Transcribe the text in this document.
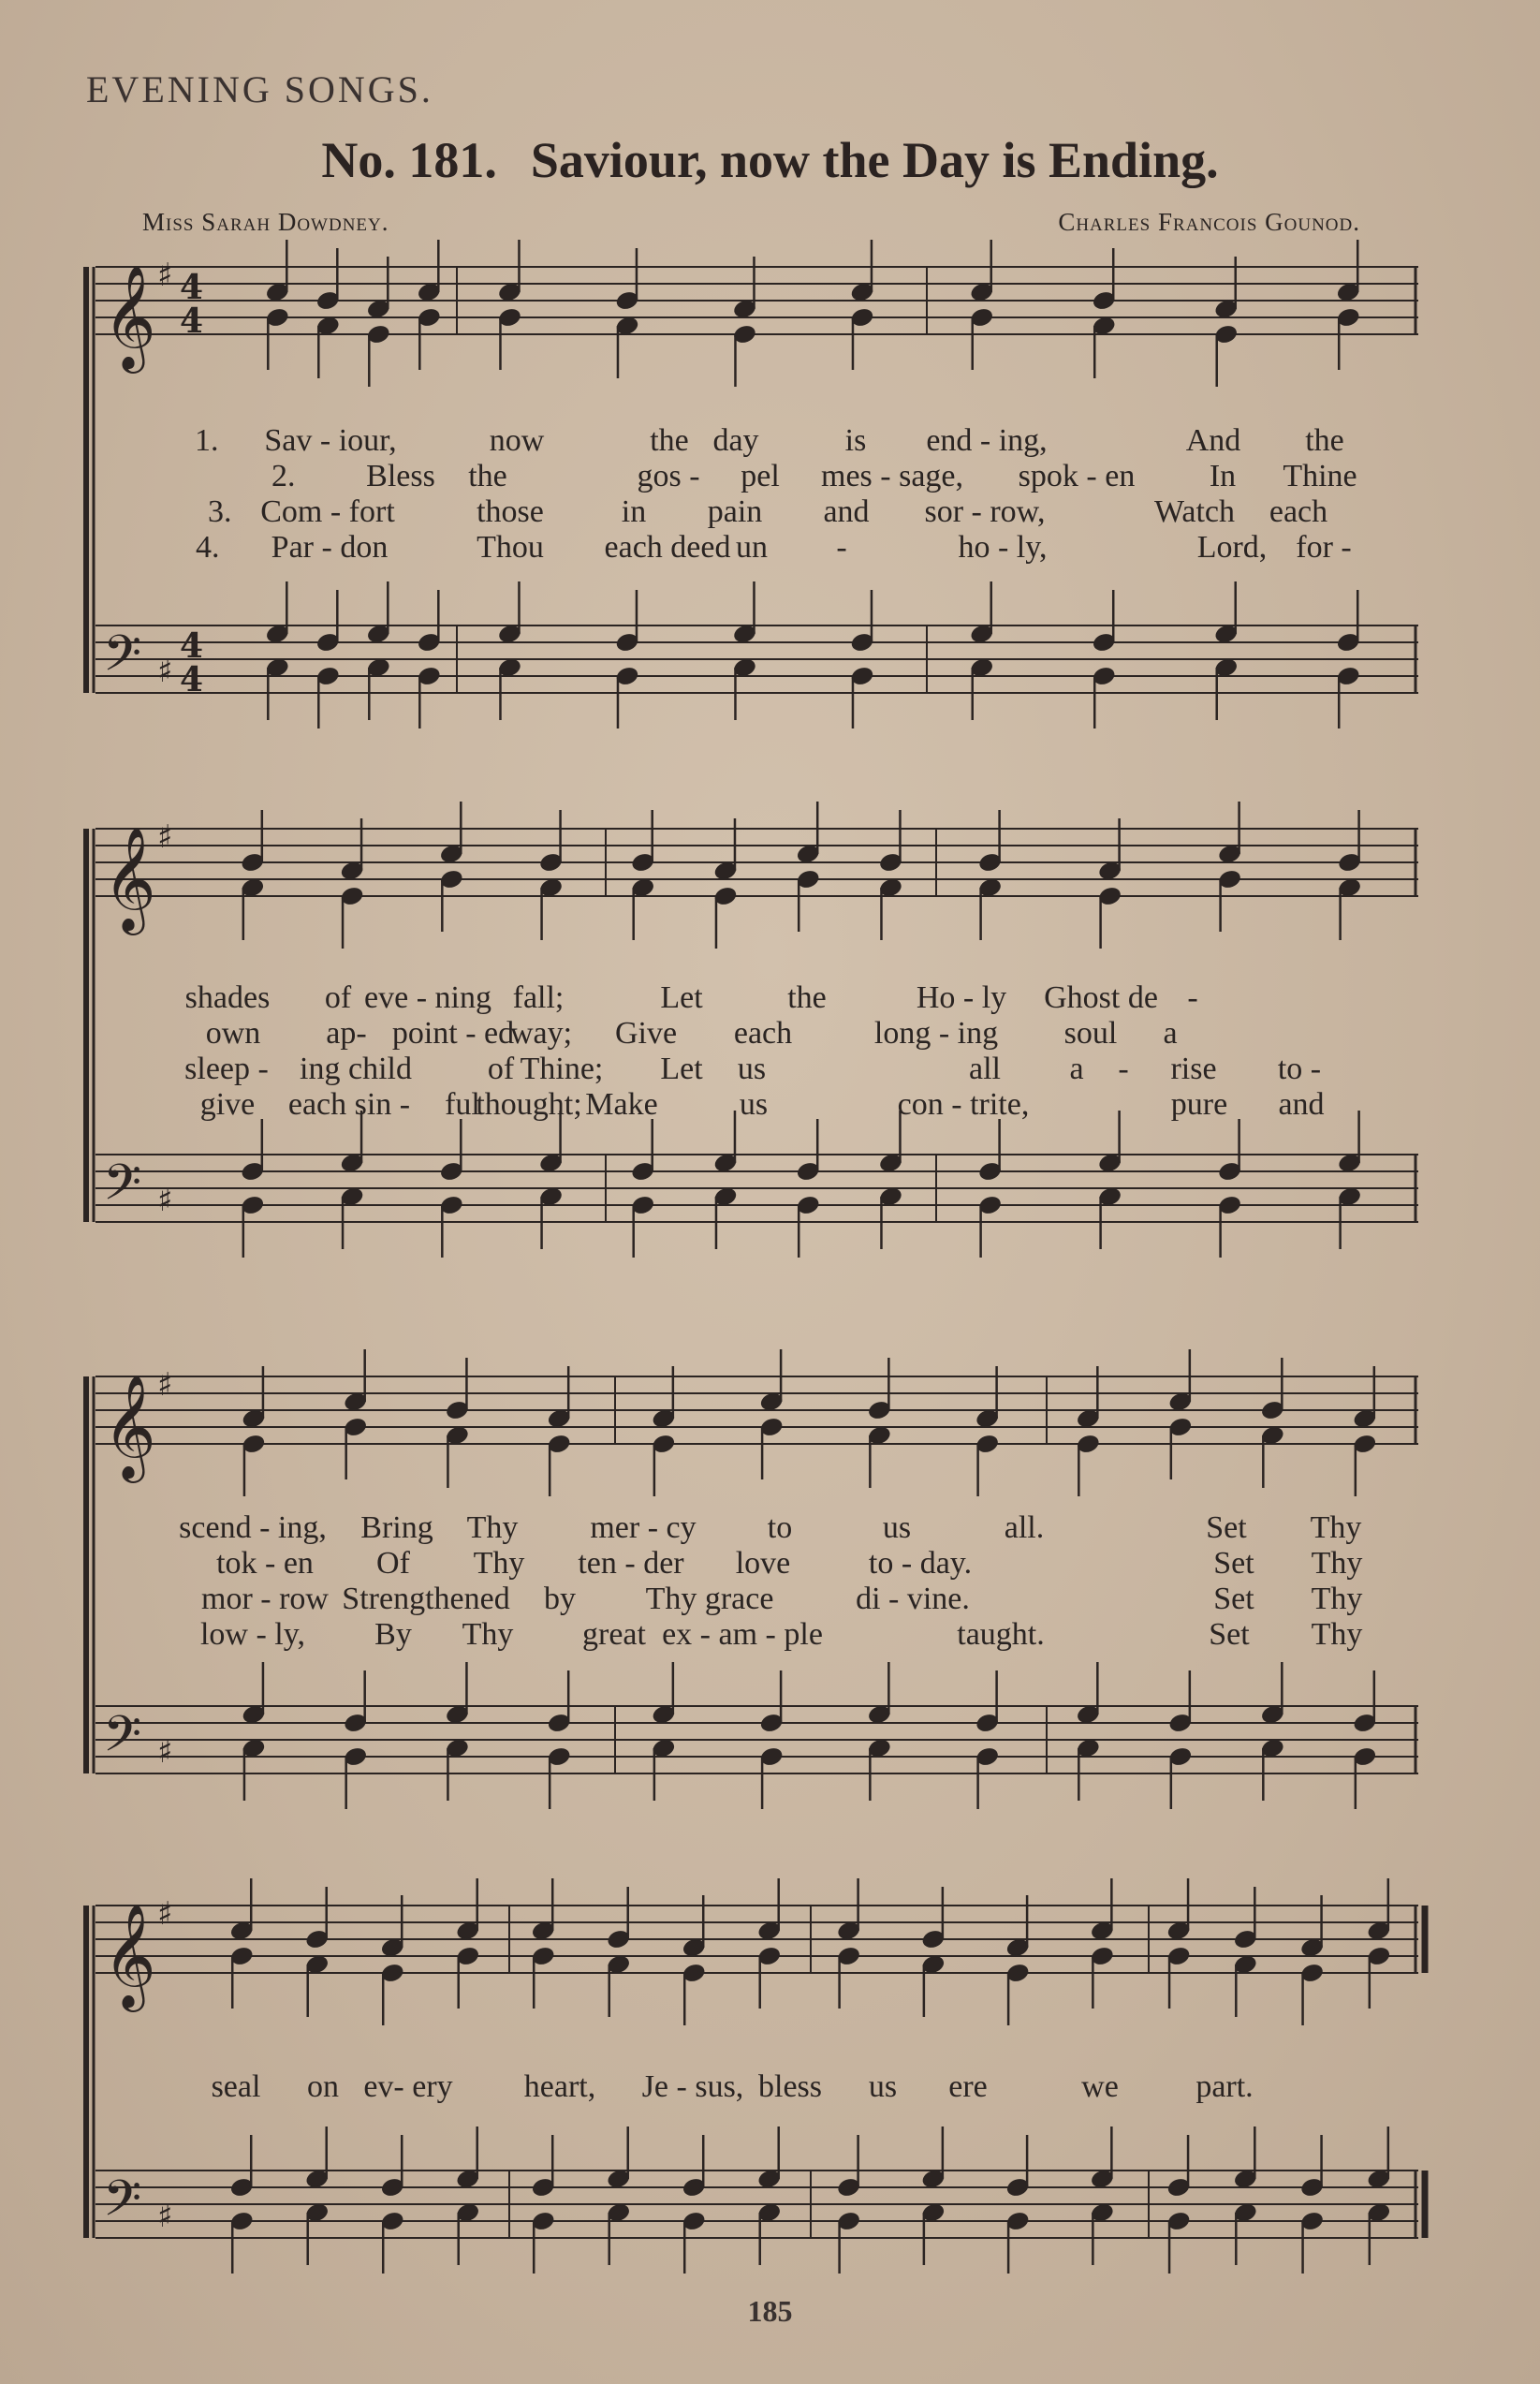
EVENING SONGS.
No. 181. Saviour, now the Day is Ending.
Miss Sarah Dowdney.	Charles Francois Gounod.
𝄞
𝄢
♯
♯
4
4
4
4
𝄞
𝄢
♯
♯
𝄞
𝄢
♯
♯
𝄞
𝄢
♯
♯
1. Sav - iour,	now	the day	is end - ing,	And the
2. Bless the	gos - pel mes - sage, spok - en In Thine
3. Com - fort	those in pain and sor - row,	Watch each
4. Par - don	Thou each deed un -	ho - ly,	Lord, for -
shades of eve - ning fall;	Let	the	Ho - ly Ghost de -
own ap- point - ed
way; Give each	long - ing soul a
sleep - ing child of Thine; Let us	all a - rise to -
give each sin - ful
thought; Make	us	con - trite,	pure and
scend - ing, Bring Thy mer - cy to	us	all.	Set Thy
tok - en Of Thy ten - der love to - day.	Set Thy
mor - row Strengthened by Thy grace	di - vine.	Set Thy
low - ly, By Thy great ex - am - ple	taught.	Set Thy
seal on ev- ery heart, Je - sus, bless us ere	we part.
185
